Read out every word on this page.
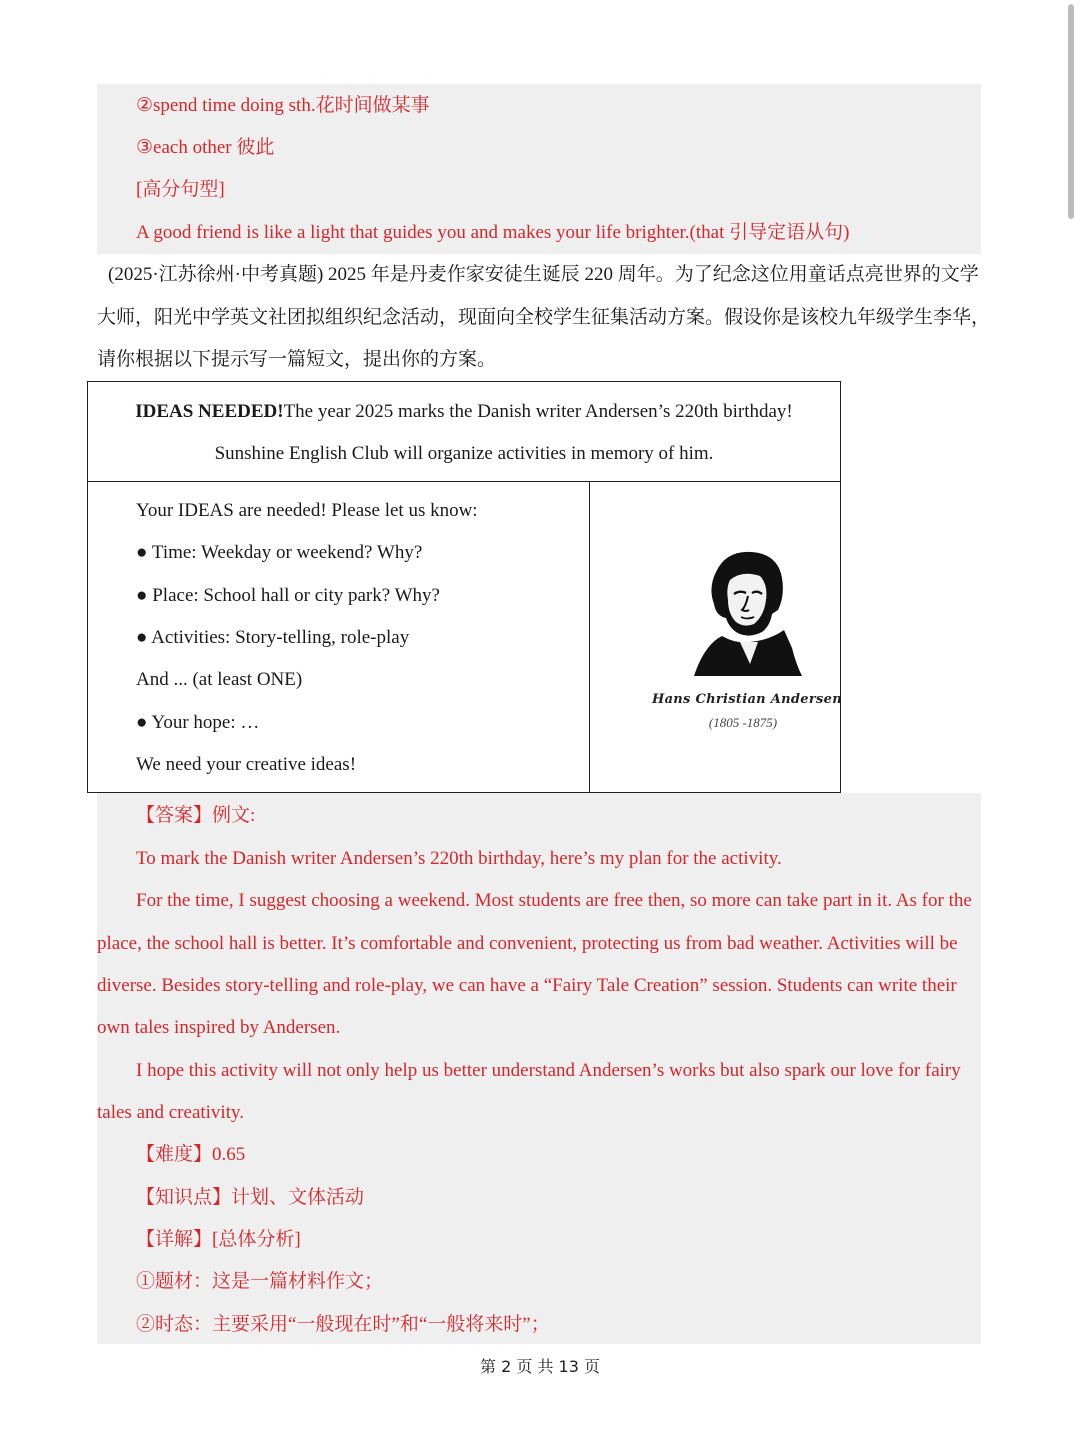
②spend time doing sth.花时间做某事
③each other 彼此
[高分句型]
A good friend is like a light that guides you and makes your life brighter.(that 引导定语从句)
(2025·江苏徐州·中考真题) 2025 年是丹麦作家安徒生诞辰 220 周年。为了纪念这位用童话点亮世界的文学
大师，阳光中学英文社团拟组织纪念活动，现面向全校学生征集活动方案。假设你是该校九年级学生李华，
请你根据以下提示写一篇短文，提出你的方案。
IDEAS NEEDED!The year 2025 marks the Danish writer Andersen’s 220th birthday!
Sunshine English Club will organize activities in memory of him.
Your IDEAS are needed! Please let us know:
● Time: Weekday or weekend? Why?
● Place: School hall or city park? Why?
● Activities: Story-telling, role-play
And ... (at least ONE)
● Your hope: …
We need your creative ideas!
Hans Christian Andersen
(1805 -1875)
【答案】例文:
To mark the Danish writer Andersen’s 220th birthday, here’s my plan for the activity.
For the time, I suggest choosing a weekend. Most students are free then, so more can take part in it. As for the
place, the school hall is better. It’s comfortable and convenient, protecting us from bad weather. Activities will be
diverse. Besides story-telling and role-play, we can have a “Fairy Tale Creation” session. Students can write their
own tales inspired by Andersen.
I hope this activity will not only help us better understand Andersen’s works but also spark our love for fairy
tales and creativity.
【难度】0.65
【知识点】计划、文体活动
【详解】[总体分析]
①题材：这是一篇材料作文；
②时态：主要采用“一般现在时”和“一般将来时”；
第 2 页 共 13 页
